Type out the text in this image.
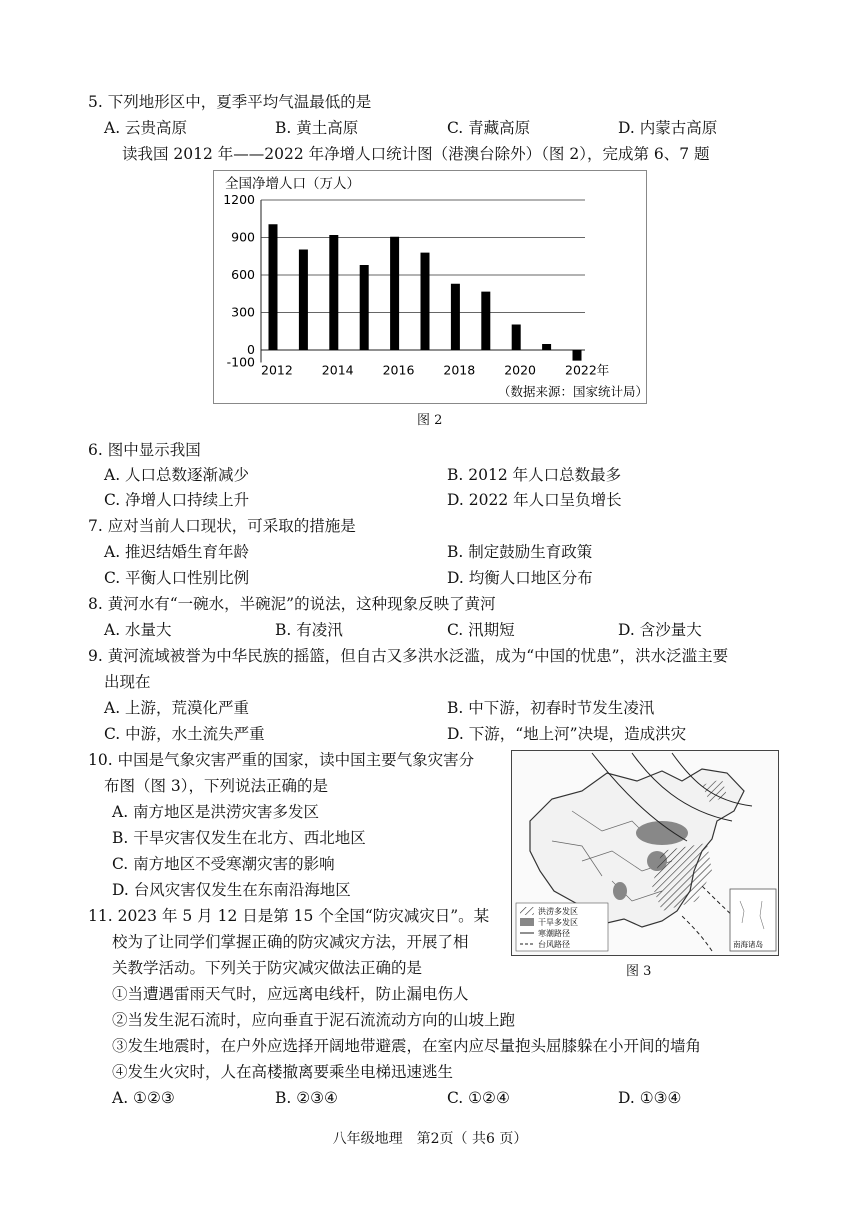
5. 下列地形区中，夏季平均气温最低的是
A. 云贵高原	B. 黄土高原	C. 青藏高原	D. 内蒙古高原
读我国 2012 年——2022 年净增人口统计图（港澳台除外）（图 2），完成第 6、7 题
全国净增人口（万人）
1200
900
600
300
0
-100
2012 2014 2016 2018 2020 2022年
（数据来源：国家统计局）
图 2
6. 图中显示我国
A. 人口总数逐渐减少	B. 2012 年人口总数最多
C. 净增人口持续上升	D. 2022 年人口呈负增长
7. 应对当前人口现状，可采取的措施是
A. 推迟结婚生育年龄	B. 制定鼓励生育政策
C. 平衡人口性别比例	D. 均衡人口地区分布
8. 黄河水有“一碗水，半碗泥”的说法，这种现象反映了黄河
A. 水量大	B. 有凌汛	C. 汛期短	D. 含沙量大
9. 黄河流域被誉为中华民族的摇篮，但自古又多洪水泛滥，成为“中国的忧患”，洪水泛滥主要
出现在
A. 上游，荒漠化严重	B. 中下游，初春时节发生凌汛
C. 中游，水土流失严重	D. 下游，“地上河”决堤，造成洪灾
10. 中国是气象灾害严重的国家，读中国主要气象灾害分
布图（图 3），下列说法正确的是
A. 南方地区是洪涝灾害多发区
B. 干旱灾害仅发生在北方、西北地区
C. 南方地区不受寒潮灾害的影响
D. 台风灾害仅发生在东南沿海地区
洪涝多发区
干旱多发区
寒潮路径
台风路径	南海诸岛
图 3
11. 2023 年 5 月 12 日是第 15 个全国“防灾减灾日”。某
校为了让同学们掌握正确的防灾减灾方法，开展了相
关教学活动。下列关于防灾减灾做法正确的是
①当遭遇雷雨天气时，应远离电线杆，防止漏电伤人
②当发生泥石流时，应向垂直于泥石流流动方向的山坡上跑
③发生地震时，在户外应选择开阔地带避震，在室内应尽量抱头屈膝躲在小开间的墙角
④发生火灾时，人在高楼撤离要乘坐电梯迅速逃生
A. ①②③	B. ②③④	C. ①②④	D. ①③④
八年级地理　第2页（ 共6 页）
